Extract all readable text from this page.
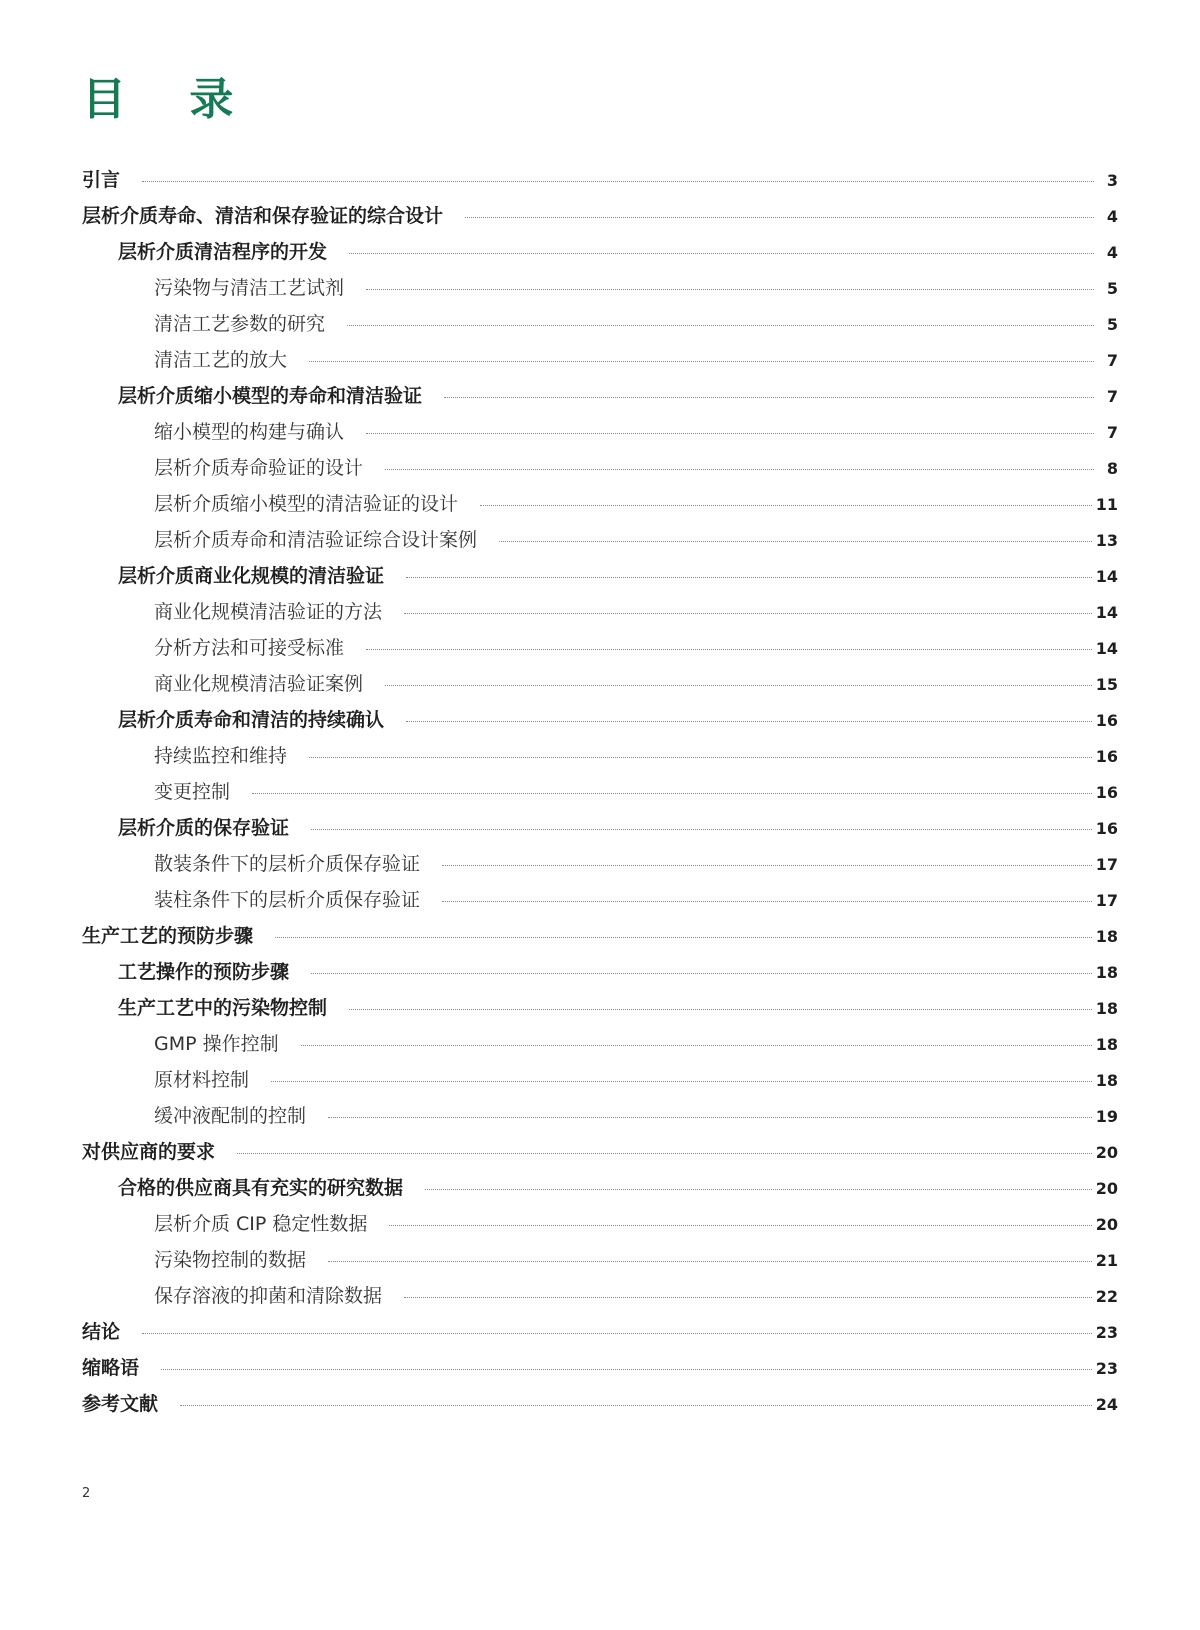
目 录
引言	3
层析介质寿命、清洁和保存验证的综合设计	4
层析介质清洁程序的开发	4
污染物与清洁工艺试剂	5
清洁工艺参数的研究	5
清洁工艺的放大	7
层析介质缩小模型的寿命和清洁验证	7
缩小模型的构建与确认	7
层析介质寿命验证的设计	8
层析介质缩小模型的清洁验证的设计	11
层析介质寿命和清洁验证综合设计案例	13
层析介质商业化规模的清洁验证	14
商业化规模清洁验证的方法	14
分析方法和可接受标准	14
商业化规模清洁验证案例	15
层析介质寿命和清洁的持续确认	16
持续监控和维持	16
变更控制	16
层析介质的保存验证	16
散装条件下的层析介质保存验证	17
装柱条件下的层析介质保存验证	17
生产工艺的预防步骤	18
工艺操作的预防步骤	18
生产工艺中的污染物控制	18
GMP 操作控制	18
原材料控制	18
缓冲液配制的控制	19
对供应商的要求	20
合格的供应商具有充实的研究数据	20
层析介质 CIP 稳定性数据	20
污染物控制的数据	21
保存溶液的抑菌和清除数据	22
结论	23
缩略语	23
参考文献	24
2
